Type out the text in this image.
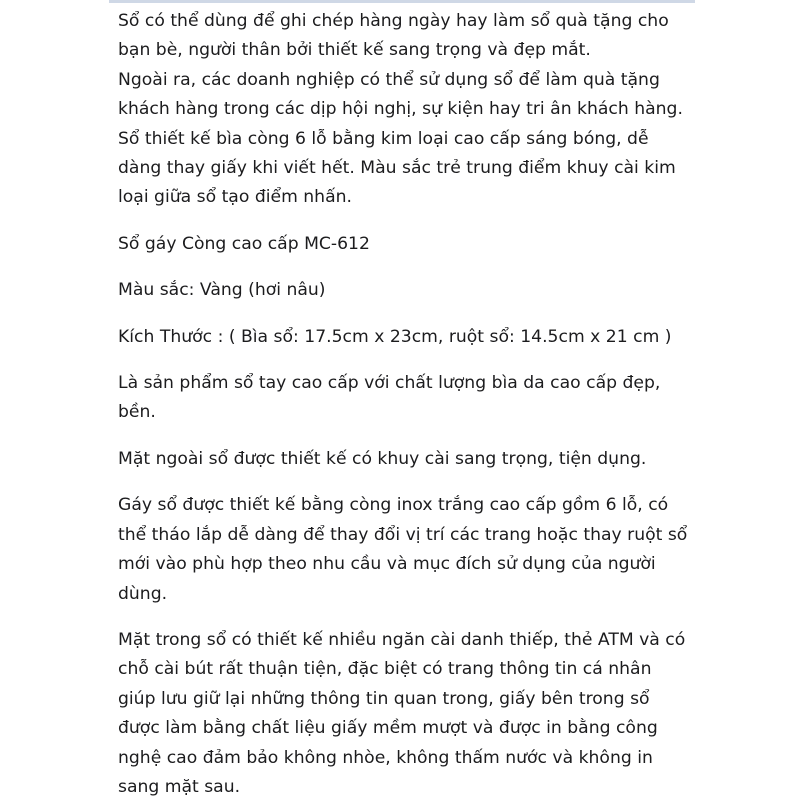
Sổ có thể dùng để ghi chép hàng ngày hay làm sổ quà tặng cho
bạn bè, người thân bởi thiết kế sang trọng và đẹp mắt.
Ngoài ra, các doanh nghiệp có thể sử dụng sổ để làm quà tặng
khách hàng trong các dịp hội nghị, sự kiện hay tri ân khách hàng.
Sổ thiết kế bìa còng 6 lỗ bằng kim loại cao cấp sáng bóng, dễ
dàng thay giấy khi viết hết. Màu sắc trẻ trung điểm khuy cài kim
loại giữa sổ tạo điểm nhấn.

Sổ gáy Còng cao cấp MC-612

Màu sắc: Vàng (hơi nâu)

Kích Thước : ( Bìa sổ: 17.5cm x 23cm, ruột sổ: 14.5cm x 21 cm )

Là sản phẩm sổ tay cao cấp với chất lượng bìa da cao cấp đẹp,
bền.

Mặt ngoài sổ được thiết kế có khuy cài sang trọng, tiện dụng.

Gáy sổ được thiết kế bằng còng inox trắng cao cấp gồm 6 lỗ, có
thể tháo lắp dễ dàng để thay đổi vị trí các trang hoặc thay ruột sổ
mới vào phù hợp theo nhu cầu và mục đích sử dụng của người
dùng.

Mặt trong sổ có thiết kế nhiều ngăn cài danh thiếp, thẻ ATM và có
chỗ cài bút rất thuận tiện, đặc biệt có trang thông tin cá nhân
giúp lưu giữ lại những thông tin quan trong, giấy bên trong sổ
được làm bằng chất liệu giấy mềm mượt và được in bằng công
nghệ cao đảm bảo không nhòe, không thấm nước và không in
sang mặt sau.
